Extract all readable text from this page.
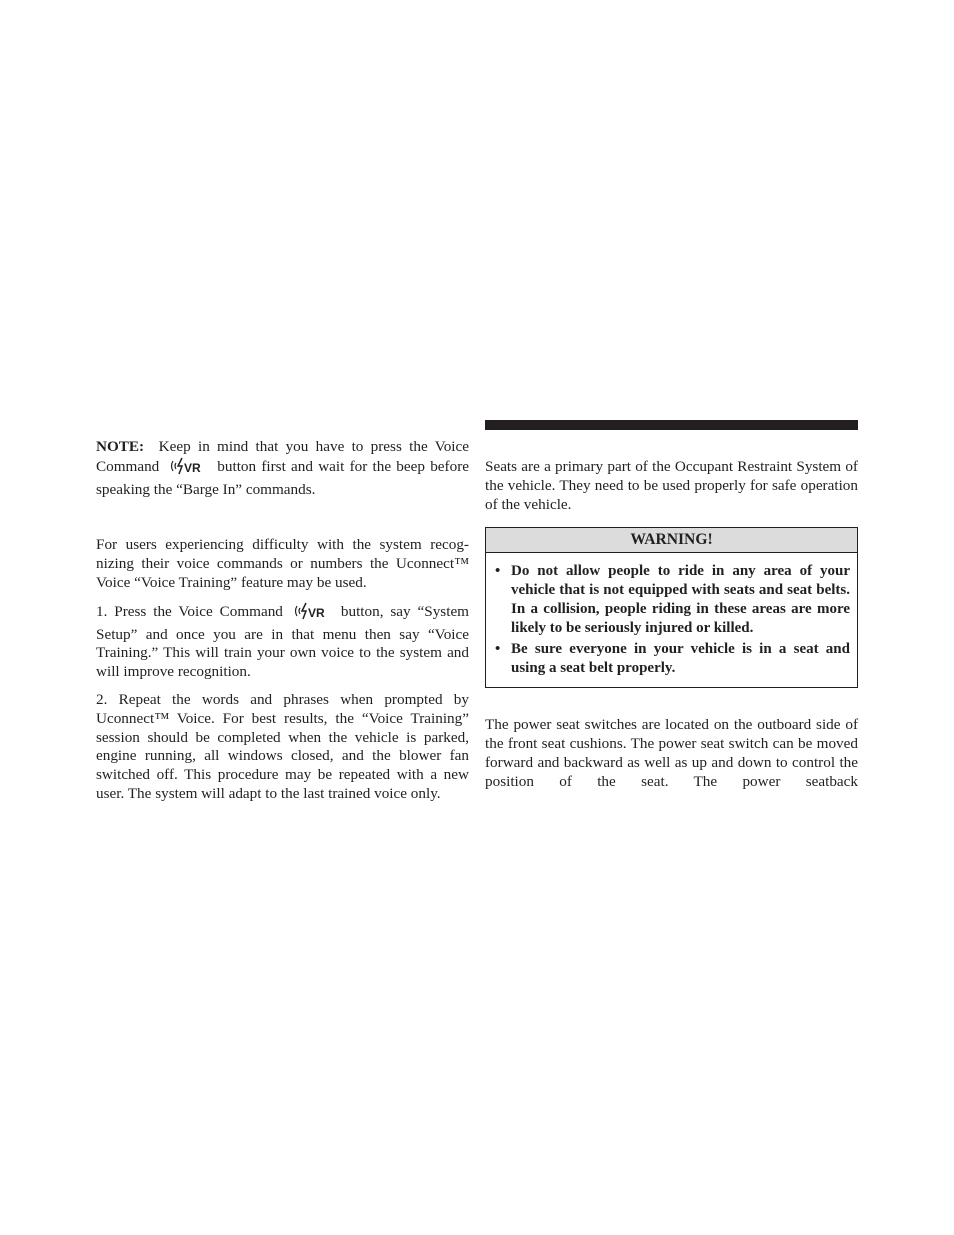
NOTE: Keep in mind that you have to press the Voice Command VR button first and wait for the beep before speaking the “Barge In” commands.

For users experiencing difficulty with the system recog- nizing their voice commands or numbers the Uconnect™ Voice “Voice Training” feature may be used.

1. Press the Voice Command VR button, say “System Setup” and once you are in that menu then say “Voice Training.” This will train your own voice to the system and will improve recognition.

2. Repeat the words and phrases when prompted by Uconnect™ Voice. For best results, the “Voice Training” session should be completed when the vehicle is parked, engine running, all windows closed, and the blower fan switched off. This procedure may be repeated with a new user. The system will adapt to the last trained voice only.

Seats are a primary part of the Occupant Restraint System of the vehicle. They need to be used properly for safe operation of the vehicle.

WARNING!
• Do not allow people to ride in any area of your vehicle that is not equipped with seats and seat belts. In a collision, people riding in these areas are more likely to be seriously injured or killed.
• Be sure everyone in your vehicle is in a seat and using a seat belt properly.

The power seat switches are located on the outboard side of the front seat cushions. The power seat switch can be moved forward and backward as well as up and down to control the position of the seat. The power seatback
